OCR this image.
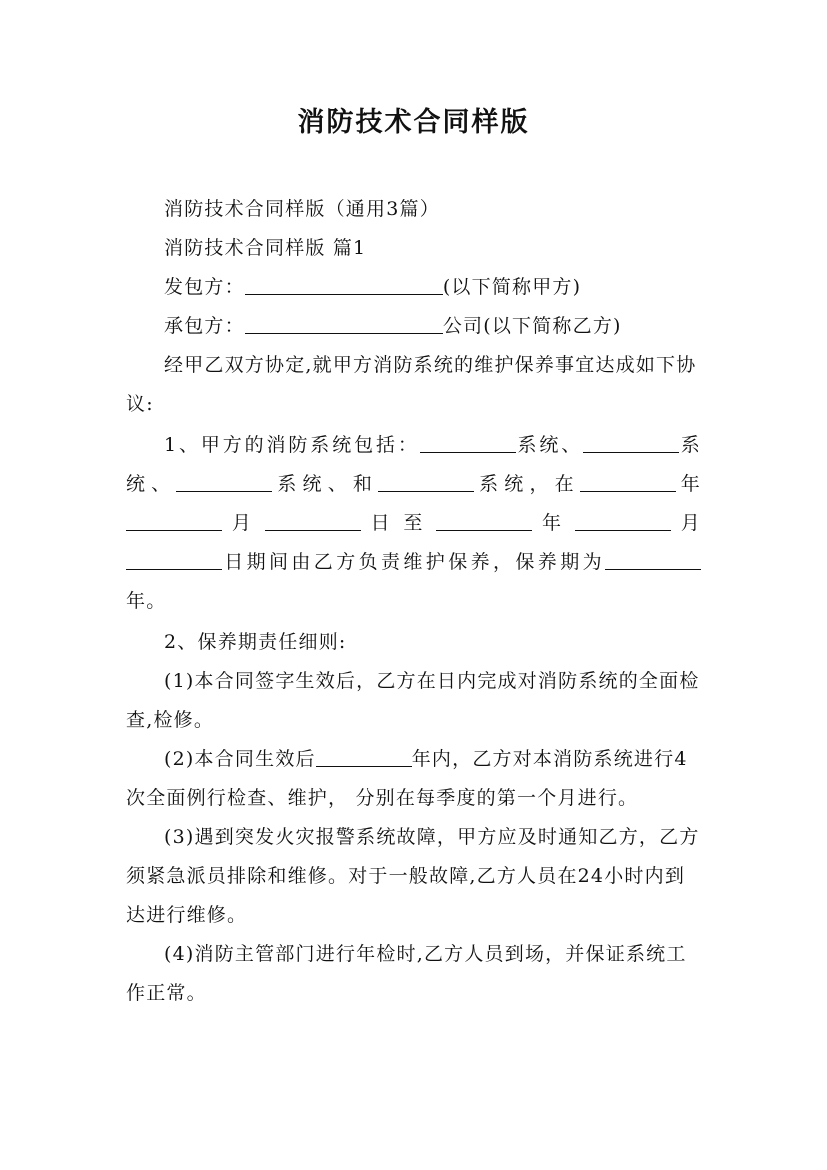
消防技术合同样版

消防技术合同样版（通用3篇）

消防技术合同样版 篇1

发包方：	(以下简称甲方)

承包方：	公司(以下简称乙方)

经甲乙双方协定,就甲方消防系统的维护保养事宜达成如下协议:

1、甲方的消防系统包括：	系统、	系统、	系统、和	系统，在	年  月	日 至	年	月 日期间由乙方负责维护保养，保养期为年。

2、保养期责任细则:

(1)本合同签字生效后，乙方在日内完成对消防系统的全面检查,检修。

(2)本合同生效后	年内，乙方对本消防系统进行4次全面例行检查、维护， 分别在每季度的第一个月进行。

(3)遇到突发火灾报警系统故障，甲方应及时通知乙方，乙方须紧急派员排除和维修。对于一般故障,乙方人员在24小时内到达进行维修。

(4)消防主管部门进行年检时,乙方人员到场，并保证系统工作正常。
